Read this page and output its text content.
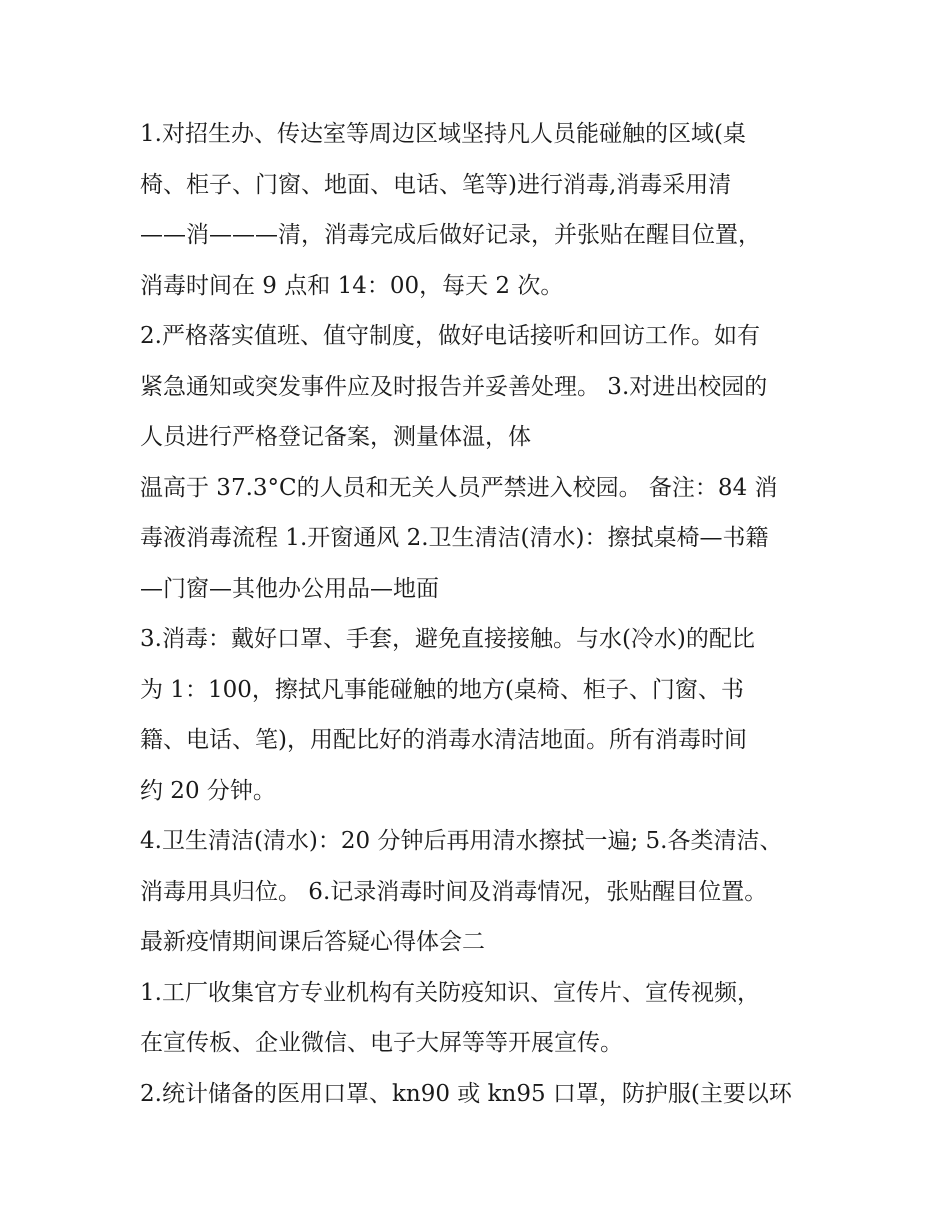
1.对招生办、传达室等周边区域坚持凡人员能碰触的区域(桌
椅、柜子、门窗、地面、电话、笔等)进行消毒,消毒采用清
——消———清，消毒完成后做好记录，并张贴在醒目位置，
消毒时间在 9 点和 14：00，每天 2 次。
2.严格落实值班、值守制度，做好电话接听和回访工作。如有
紧急通知或突发事件应及时报告并妥善处理。 3.对进出校园的
人员进行严格登记备案，测量体温，体
温高于 37.3°C的人员和无关人员严禁进入校园。 备注：84 消
毒液消毒流程 1.开窗通风 2.卫生清洁(清水)：擦拭桌椅—书籍
—门窗—其他办公用品—地面
3.消毒：戴好口罩、手套，避免直接接触。与水(冷水)的配比
为 1：100，擦拭凡事能碰触的地方(桌椅、柜子、门窗、书
籍、电话、笔)，用配比好的消毒水清洁地面。所有消毒时间
约 20 分钟。
4.卫生清洁(清水)：20 分钟后再用清水擦拭一遍; 5.各类清洁、
消毒用具归位。 6.记录消毒时间及消毒情况，张贴醒目位置。
最新疫情期间课后答疑心得体会二
1.工厂收集官方专业机构有关防疫知识、宣传片、宣传视频，
在宣传板、企业微信、电子大屏等等开展宣传。
2.统计储备的医用口罩、kn90 或 kn95 口罩，防护服(主要以环
